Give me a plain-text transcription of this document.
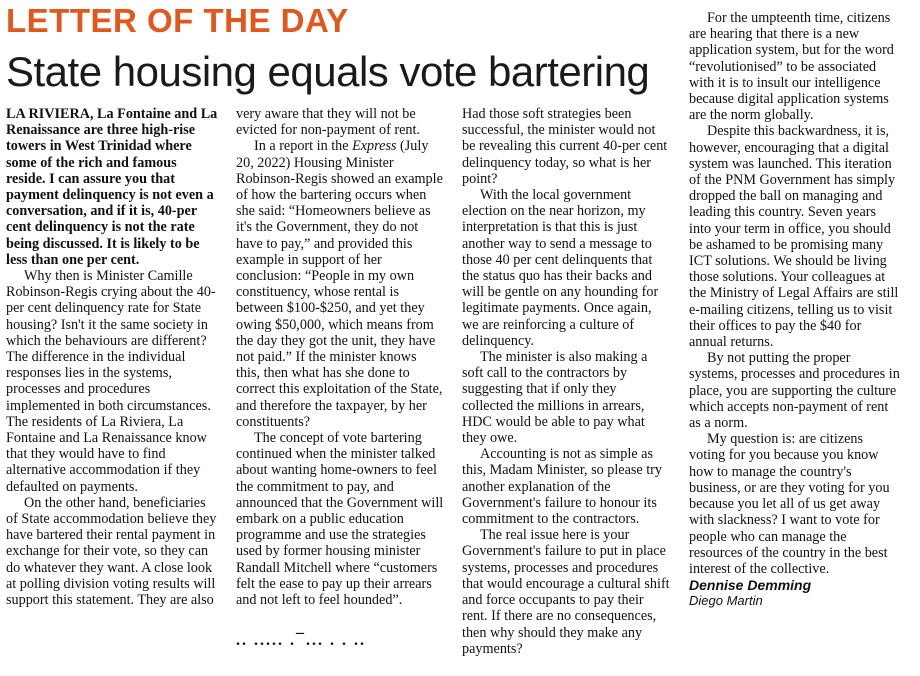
LETTER OF THE DAY
State housing equals vote bartering

LA RIVIERA, La Fontaine and La Renaissance are three high-rise towers in West Trinidad where some of the rich and famous reside. I can assure you that payment delinquency is not even a conversation, and if it is, 40-per cent delinquency is not the rate being discussed. It is likely to be less than one per cent.

Why then is Minister Camille Robinson-Regis crying about the 40-per cent delinquency rate for State housing? Isn't it the same society in which the behaviours are different? The difference in the individual responses lies in the systems, processes and procedures implemented in both circumstances. The residents of La Riviera, La Fontaine and La Renaissance know that they would have to find alternative accommodation if they defaulted on payments.

On the other hand, beneficiaries of State accommodation believe they have bartered their rental payment in exchange for their vote, so they can do whatever they want. A close look at polling division voting results will support this statement. They are also

very aware that they will not be evicted for non-payment of rent.

In a report in the Express (July 20, 2022) Housing Minister Robinson-Regis showed an example of how the bartering occurs when she said: “Homeowners believe as it's the Government, they do not have to pay,” and provided this example in support of her conclusion: “People in my own constituency, whose rental is between $100-$250, and yet they owing $50,000, which means from the day they got the unit, they have not paid.” If the minister knows this, then what has she done to correct this exploitation of the State, and therefore the taxpayer, by her constituents?

The concept of vote bartering continued when the minister talked about wanting home-owners to feel the commitment to pay, and announced that the Government will embark on a public education programme and use the strategies used by former housing minister Randall Mitchell where “customers felt the ease to pay up their arrears and not left to feel hounded”.

.. ..... .¯... . . ..

Had those soft strategies been successful, the minister would not be revealing this current 40-per cent delinquency today, so what is her point?

With the local government election on the near horizon, my interpretation is that this is just another way to send a message to those 40 per cent delinquents that the status quo has their backs and will be gentle on any hounding for legitimate payments. Once again, we are reinforcing a culture of delinquency.

The minister is also making a soft call to the contractors by suggesting that if only they collected the millions in arrears, HDC would be able to pay what they owe.

Accounting is not as simple as this, Madam Minister, so please try another explanation of the Government's failure to honour its commitment to the contractors.

The real issue here is your Government's failure to put in place systems, processes and procedures that would encourage a cultural shift and force occupants to pay their rent. If there are no consequences, then why should they make any payments?

For the umpteenth time, citizens are hearing that there is a new application system, but for the word “revolutionised” to be associated with it is to insult our intelligence because digital application systems are the norm globally.

Despite this backwardness, it is, however, encouraging that a digital system was launched. This iteration of the PNM Government has simply dropped the ball on managing and leading this country. Seven years into your term in office, you should be ashamed to be promising many ICT solutions. We should be living those solutions. Your colleagues at the Ministry of Legal Affairs are still e-mailing citizens, telling us to visit their offices to pay the $40 for annual returns.

By not putting the proper systems, processes and procedures in place, you are supporting the culture which accepts non-payment of rent as a norm.

My question is: are citizens voting for you because you know how to manage the country's business, or are they voting for you because you let all of us get away with slackness? I want to vote for people who can manage the resources of the country in the best interest of the collective.

Dennise Demming
Diego Martin
